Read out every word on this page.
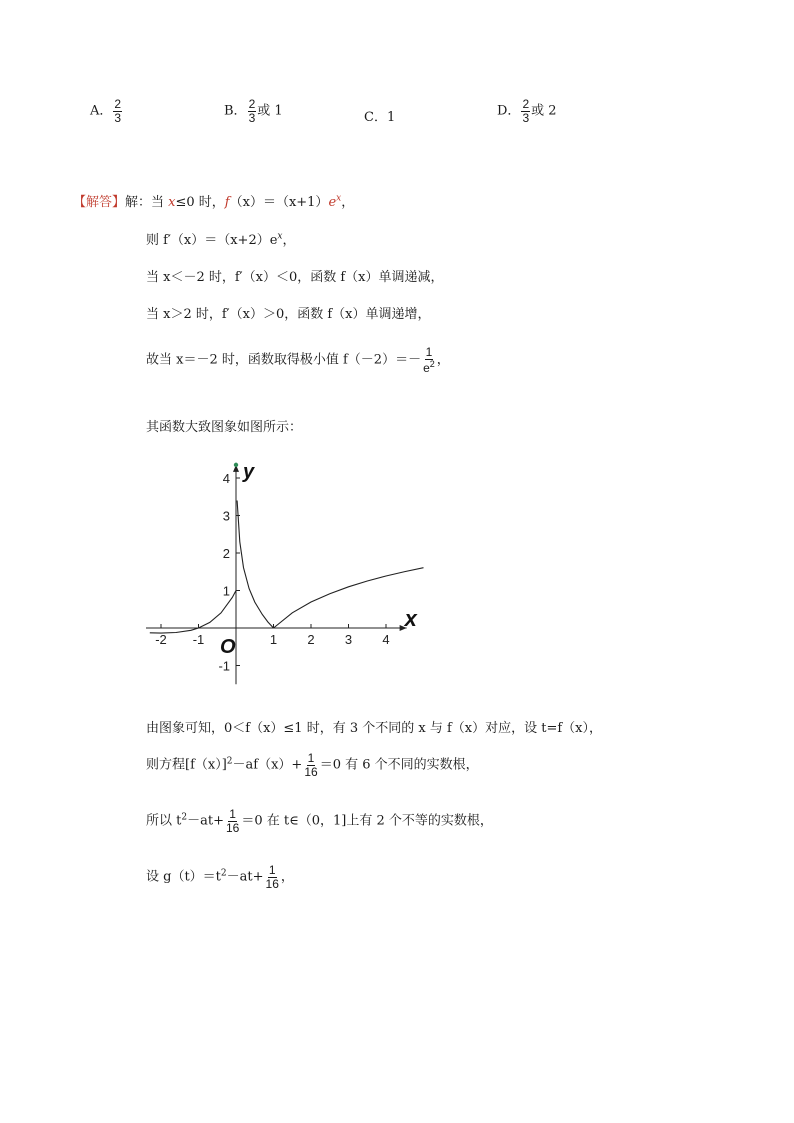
A． $\frac{2}{3}$	B． $\frac{2}{3}$ 或 1	C．1	D． $\frac{2}{3}$ 或 2
【解答】解：当 x≤0 时，$f(x)=(x+1)e^x$，
则 $f'(x)=(x+2)e^x$，
当 x＜－2 时，f′（x）＜0，函数 f（x）单调递减，
当 x＞2 时，f′（x）＞0，函数 f（x）单调递增，
故当 x＝－2 时，函数取得极小值 $f(-2)=- \frac{1}{e^2}$ ，
其函数大致图象如图所示：
-2 -1	1 2 3 4
-1
1
2
3
4
x
y
O
由图象可知，0＜f（x）≤1 时，有 3 个不同的 x 与 f（x）对应，设 t=f（x），
则方程$[f(x)]^2-af(x)+ \frac{1}{16} =0$ 有 6 个不同的实数根，
所以 $t^2-at+ \frac{1}{16} =0$ 在 t∈（0，1]上有 2 个不等的实数根，
设 $g(t)=t^2-at+ \frac{1}{16}$ ，
